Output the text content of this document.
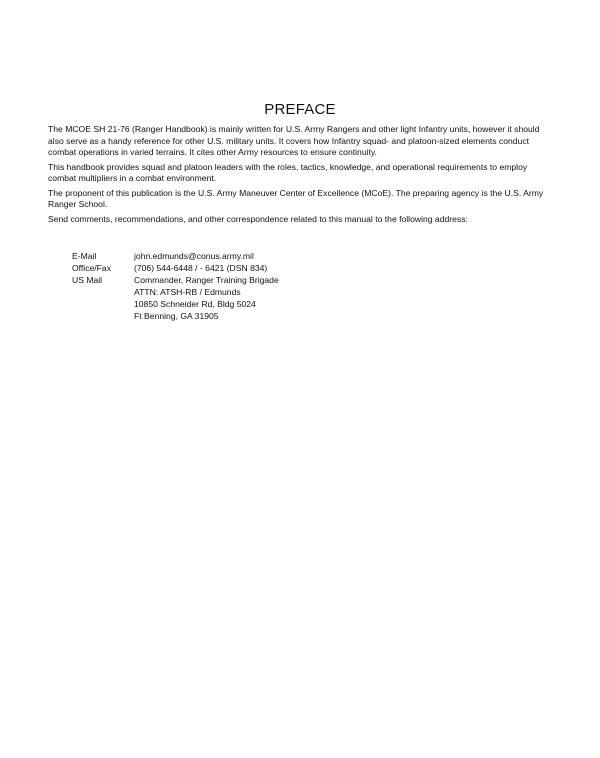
PREFACE

The MCOE SH 21-76 (Ranger Handbook) is mainly written for U.S. Army Rangers and other light Infantry units, however it should also serve as a handy reference for other U.S. military units. It covers how Infantry squad- and platoon-sized elements conduct combat operations in varied terrains. It cites other Army resources to ensure continuity.

This handbook provides squad and platoon leaders with the roles, tactics, knowledge, and operational requirements to employ combat multipliers in a combat environment.

The proponent of this publication is the U.S. Army Maneuver Center of Excellence (MCoE). The preparing agency is the U.S. Army Ranger School.

Send comments, recommendations, and other correspondence related to this manual to the following address:

E-Mail	john.edmunds@conus.army.mil
Office/Fax	(706) 544-6448 / - 6421 (DSN 834)
US Mail	Commander, Ranger Training Brigade
ATTN: ATSH-RB / Edmunds
10850 Schneider Rd, Bldg 5024
Ft Benning, GA 31905
